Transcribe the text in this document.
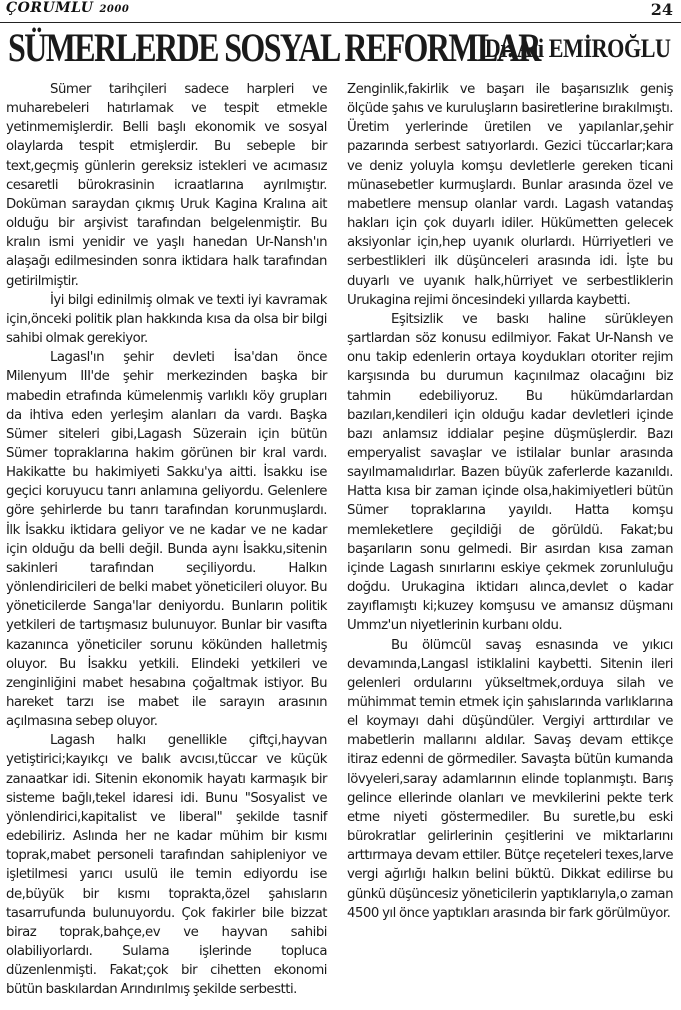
ÇORUMLU 2000	24
SÜMERLERDE SOSYAL REFORMLAR
Dr. Ali EMİROĞLU

Sümer tarihçileri sadece harpleri ve muharebeleri hatırlamak ve tespit etmekle yetinmemişlerdir. Belli başlı ekonomik ve sosyal olaylarda tespit etmişlerdir. Bu sebeple bir text,geçmiş günlerin gereksiz istekleri ve acımasız cesaretli bürokrasinin icraatlarına ayrılmıştır. Doküman saraydan çıkmış Uruk Kagina Kralına ait olduğu bir arşivist tarafından belgelenmiştir. Bu kralın ismi yenidir ve yaşlı hanedan Ur-Nansh'ın alaşağı edilmesinden sonra iktidara halk tarafından getirilmiştir.

İyi bilgi edinilmiş olmak ve texti iyi kavramak için,önceki politik plan hakkında kısa da olsa bir bilgi sahibi olmak gerekiyor.

Lagasl'ın şehir devleti İsa'dan önce Milenyum III'de şehir merkezinden başka bir mabedin etrafında kümelenmiş varlıklı köy grupları da ihtiva eden yerleşim alanları da vardı. Başka Sümer siteleri gibi,Lagash Süzerain için bütün Sümer topraklarına hakim görünen bir kral vardı. Hakikatte bu hakimiyeti Sakku'ya aitti. İsakku ise geçici koruyucu tanrı anlamına geliyordu. Gelenlere göre şehirlerde bu tanrı tarafından korunmuşlardı. İlk İsakku iktidara geliyor ve ne kadar ve ne kadar için olduğu da belli değil. Bunda aynı İsakku,sitenin sakinleri tarafından seçiliyordu. Halkın yönlendiricileri de belki mabet yöneticileri oluyor. Bu yöneticilerde Sanga'lar deniyordu. Bunların politik yetkileri de tartışmasız bulunuyor. Bunlar bir vasıfta kazanınca yöneticiler sorunu kökünden halletmiş oluyor. Bu İsakku yetkili. Elindeki yetkileri ve zenginliğini mabet hesabına çoğaltmak istiyor. Bu hareket tarzı ise mabet ile sarayın arasının açılmasına sebep oluyor.

Lagash halkı genellikle çiftçi,hayvan yetiştirici;kayıkçı ve balık avcısı,tüccar ve küçük zanaatkar idi. Sitenin ekonomik hayatı karmaşık bir sisteme bağlı,tekel idaresi idi. Bunu "Sosyalist ve yönlendirici,kapitalist ve liberal" şekilde tasnif edebiliriz. Aslında her ne kadar mühim bir kısmı toprak,mabet personeli tarafından sahipleniyor ve işletilmesi yarıcı usulü ile temin ediyordu ise de,büyük bir kısmı toprakta,özel şahısların tasarrufunda bulunuyordu. Çok fakirler bile bizzat biraz toprak,bahçe,ev ve hayvan sahibi olabiliyorlardı. Sulama işlerinde topluca düzenlenmişti. Fakat;çok bir cihetten ekonomi bütün baskılardan Arındırılmış şekilde serbestti.

Zenginlik,fakirlik ve başarı ile başarısızlık geniş ölçüde şahıs ve kuruluşların basiretlerine bırakılmıştı. Üretim yerlerinde üretilen ve yapılanlar,şehir pazarında serbest satıyorlardı. Gezici tüccarlar;kara ve deniz yoluyla komşu devletlerle gereken ticani münasebetler kurmuşlardı. Bunlar arasında özel ve mabetlere mensup olanlar vardı. Lagash vatandaş hakları için çok duyarlı idiler. Hükümetten gelecek aksiyonlar için,hep uyanık olurlardı. Hürriyetleri ve serbestlikleri ilk düşünceleri arasında idi. İşte bu duyarlı ve uyanık halk,hürriyet ve serbestliklerin Urukagina rejimi öncesindeki yıllarda kaybetti.

Eşitsizlik ve baskı haline sürükleyen şartlardan söz konusu edilmiyor. Fakat Ur-Nansh ve onu takip edenlerin ortaya koydukları otoriter rejim karşısında bu durumun kaçınılmaz olacağını biz tahmin edebiliyoruz. Bu hükümdarlardan bazıları,kendileri için olduğu kadar devletleri içinde bazı anlamsız iddialar peşine düşmüşlerdir. Bazı emperyalist savaşlar ve istilalar bunlar arasında sayılmamalıdırlar. Bazen büyük zaferlerde kazanıldı. Hatta kısa bir zaman içinde olsa,hakimiyetleri bütün Sümer topraklarına yayıldı. Hatta komşu memleketlere geçildiği de görüldü. Fakat;bu başarıların sonu gelmedi. Bir asırdan kısa zaman içinde Lagash sınırlarını eskiye çekmek zorunluluğu doğdu. Urukagina iktidarı alınca,devlet o kadar zayıflamıştı ki;kuzey komşusu ve amansız düşmanı Ummz'un niyetlerinin kurbanı oldu.

Bu ölümcül savaş esnasında ve yıkıcı devamında,Langasl istiklalini kaybetti. Sitenin ileri gelenleri ordularını yükseltmek,orduya silah ve mühimmat temin etmek için şahıslarında varlıklarına el koymayı dahi düşündüler. Vergiyi arttırdılar ve mabetlerin mallarını aldılar. Savaş devam ettikçe itiraz edenni de görmediler. Savaşta bütün kumanda lövyeleri,saray adamlarının elinde toplanmıştı. Barış gelince ellerinde olanları ve mevkilerini pekte terk etme niyeti göstermediler. Bu suretle,bu eski bürokratlar gelirlerinin çeşitlerini ve miktarlarını arttırmaya devam ettiler. Bütçe reçeteleri texes,larve vergi ağırlığı halkın belini büktü. Dikkat edilirse bu günkü düşüncesiz yöneticilerin yaptıklarıyla,o zaman 4500 yıl önce yaptıkları arasında bir fark görülmüyor.
